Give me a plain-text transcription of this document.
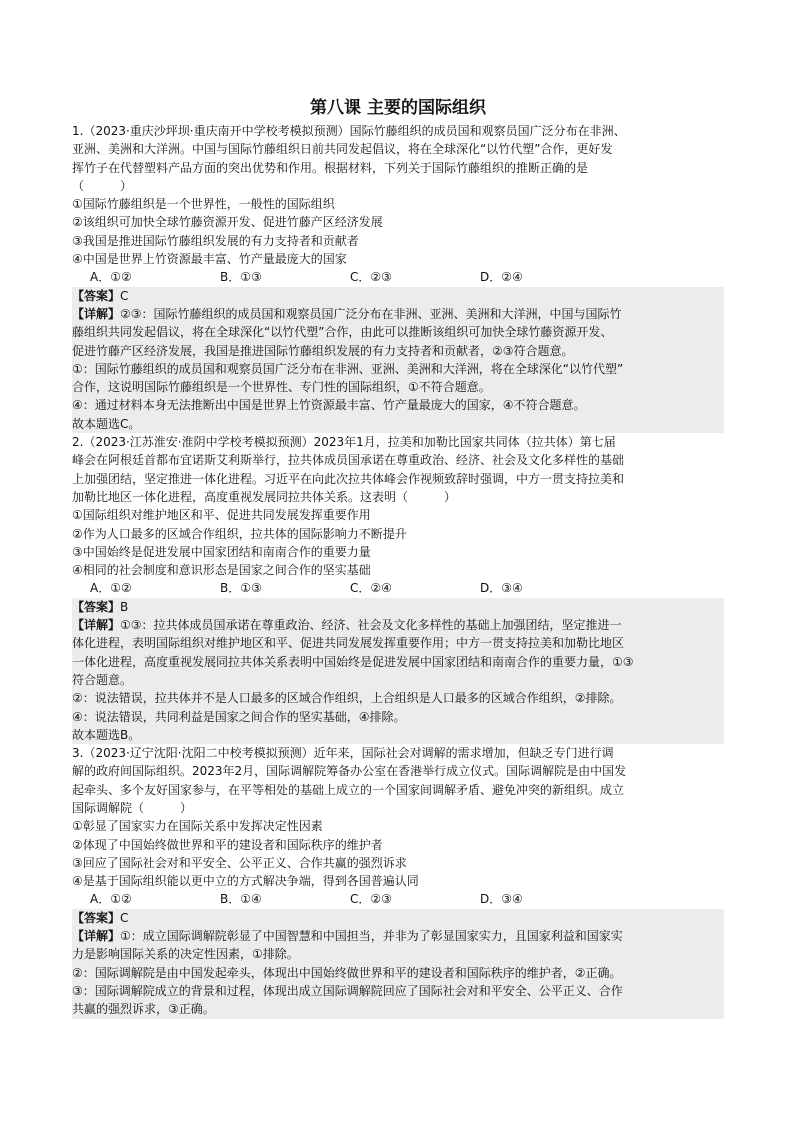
第八课 主要的国际组织
1.（2023·重庆沙坪坝·重庆南开中学校考模拟预测）国际竹藤组织的成员国和观察员国广泛分布在非洲、
亚洲、美洲和大洋洲。中国与国际竹藤组织日前共同发起倡议，将在全球深化“以竹代塑”合作，更好发
挥竹子在代替塑料产品方面的突出优势和作用。根据材料，下列关于国际竹藤组织的推断正确的是
（　　　）
①国际竹藤组织是一个世界性，一般性的国际组织
②该组织可加快全球竹藤资源开发、促进竹藤产区经济发展
③我国是推进国际竹藤组织发展的有力支持者和贡献者
④中国是世界上竹资源最丰富、竹产量最庞大的国家
A．①②	B．①③	C．②③	D．②④
【答案】C
【详解】②③：国际竹藤组织的成员国和观察员国广泛分布在非洲、亚洲、美洲和大洋洲，中国与国际竹
藤组织共同发起倡议，将在全球深化“以竹代塑”合作，由此可以推断该组织可加快全球竹藤资源开发、
促进竹藤产区经济发展，我国是推进国际竹藤组织发展的有力支持者和贡献者，②③符合题意。
①：国际竹藤组织的成员国和观察员国广泛分布在非洲、亚洲、美洲和大洋洲，将在全球深化“以竹代塑”
合作，这说明国际竹藤组织是一个世界性、专门性的国际组织，①不符合题意。
④：通过材料本身无法推断出中国是世界上竹资源最丰富、竹产量最庞大的国家，④不符合题意。
故本题选C。
2.（2023·江苏淮安·淮阴中学校考模拟预测）2023年1月，拉美和加勒比国家共同体（拉共体）第七届
峰会在阿根廷首都布宜诺斯艾利斯举行，拉共体成员国承诺在尊重政治、经济、社会及文化多样性的基础
上加强团结，坚定推进一体化进程。习近平在向此次拉共体峰会作视频致辞时强调，中方一贯支持拉美和
加勒比地区一体化进程，高度重视发展同拉共体关系。这表明（　　　）
①国际组织对维护地区和平、促进共同发展发挥重要作用
②作为人口最多的区域合作组织，拉共体的国际影响力不断提升
③中国始终是促进发展中国家团结和南南合作的重要力量
④相同的社会制度和意识形态是国家之间合作的坚实基础
A．①②	B．①③	C．②④	D．③④
【答案】B
【详解】①③：拉共体成员国承诺在尊重政治、经济、社会及文化多样性的基础上加强团结，坚定推进一
体化进程，表明国际组织对维护地区和平、促进共同发展发挥重要作用；中方一贯支持拉美和加勒比地区
一体化进程，高度重视发展同拉共体关系表明中国始终是促进发展中国家团结和南南合作的重要力量，①③
符合题意。
②：说法错误，拉共体并不是人口最多的区域合作组织，上合组织是人口最多的区域合作组织，②排除。
④：说法错误，共同利益是国家之间合作的坚实基础，④排除。
故本题选B。
3.（2023·辽宁沈阳·沈阳二中校考模拟预测）近年来，国际社会对调解的需求增加，但缺乏专门进行调
解的政府间国际组织。2023年2月，国际调解院筹备办公室在香港举行成立仪式。国际调解院是由中国发
起牵头、多个友好国家参与，在平等相处的基础上成立的一个国家间调解矛盾、避免冲突的新组织。成立
国际调解院（　　　）
①彰显了国家实力在国际关系中发挥决定性因素
②体现了中国始终做世界和平的建设者和国际秩序的维护者
③回应了国际社会对和平安全、公平正义、合作共赢的强烈诉求
④是基于国际组织能以更中立的方式解决争端，得到各国普遍认同
A．①②	B．①④	C．②③	D．③④
【答案】C
【详解】①：成立国际调解院彰显了中国智慧和中国担当，并非为了彰显国家实力，且国家利益和国家实
力是影响国际关系的决定性因素，①排除。
②：国际调解院是由中国发起牵头，体现出中国始终做世界和平的建设者和国际秩序的维护者，②正确。
③：国际调解院成立的背景和过程，体现出成立国际调解院回应了国际社会对和平安全、公平正义、合作
共赢的强烈诉求，③正确。
